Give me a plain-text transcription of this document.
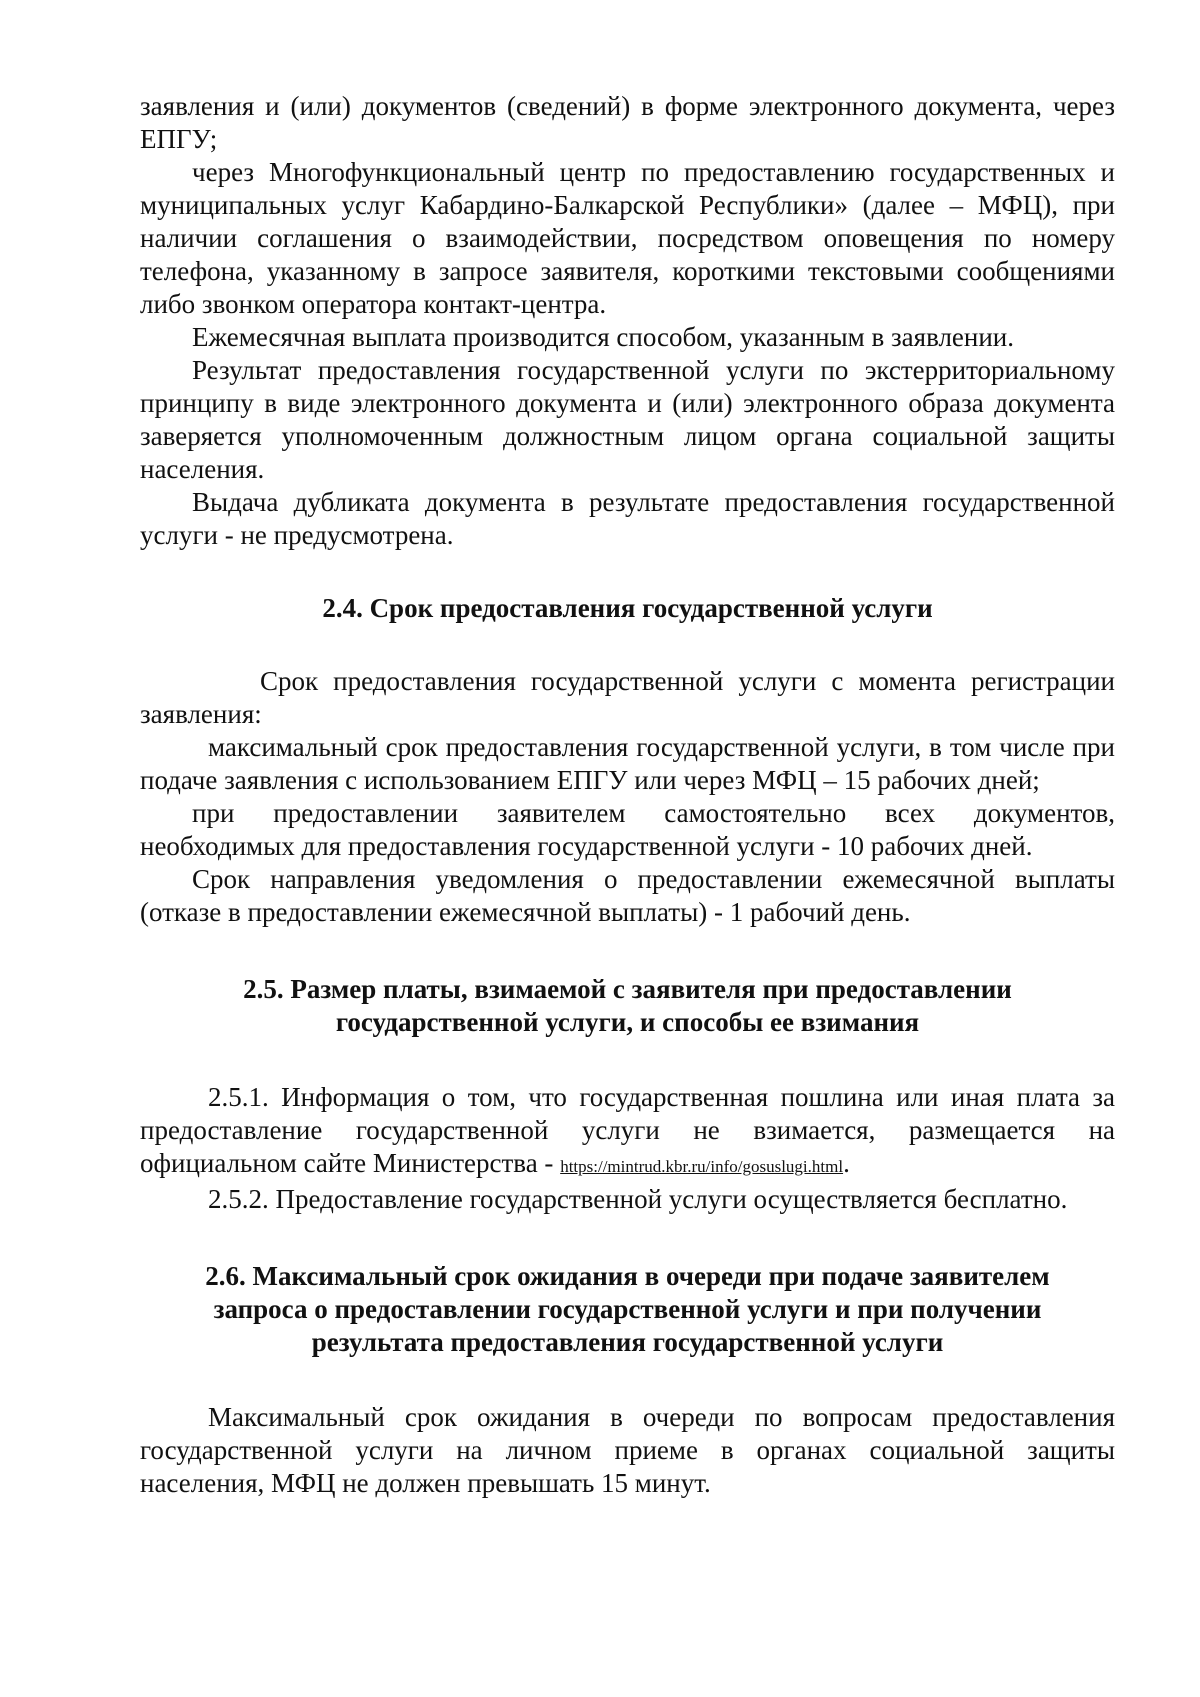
заявления и (или) документов (сведений) в форме электронного документа, через ЕПГУ;

через Многофункциональный центр по предоставлению государственных и муниципальных услуг Кабардино-Балкарской Республики» (далее – МФЦ), при наличии соглашения о взаимодействии, посредством оповещения по номеру телефона, указанному в запросе заявителя, короткими текстовыми сообщениями либо звонком оператора контакт-центра.

Ежемесячная выплата производится способом, указанным в заявлении.

Результат предоставления государственной услуги по экстерриториальному принципу в виде электронного документа и (или) электронного образа документа заверяется уполномоченным должностным лицом органа социальной защиты населения.

Выдача дубликата документа в результате предоставления государственной услуги - не предусмотрена.

2.4. Срок предоставления государственной услуги

Срок предоставления государственной услуги с момента регистрации заявления:

максимальный срок предоставления государственной услуги, в том числе при подаче заявления с использованием ЕПГУ или через МФЦ – 15 рабочих дней;

при предоставлении заявителем самостоятельно всех документов, необходимых для предоставления государственной услуги - 10 рабочих дней.

Срок направления уведомления о предоставлении ежемесячной выплаты (отказе в предоставлении ежемесячной выплаты) - 1 рабочий день.

2.5. Размер платы, взимаемой с заявителя при предоставлении
государственной услуги, и способы ее взимания

2.5.1. Информация о том, что государственная пошлина или иная плата за предоставление государственной услуги не взимается, размещается на официальном сайте Министерства - https://mintrud.kbr.ru/info/gosuslugi.html.

2.5.2. Предоставление государственной услуги осуществляется бесплатно.

2.6. Максимальный срок ожидания в очереди при подаче заявителем
запроса о предоставлении государственной услуги и при получении
результата предоставления государственной услуги

Максимальный срок ожидания в очереди по вопросам предоставления государственной услуги на личном приеме в органах социальной защиты населения, МФЦ не должен превышать 15 минут.
